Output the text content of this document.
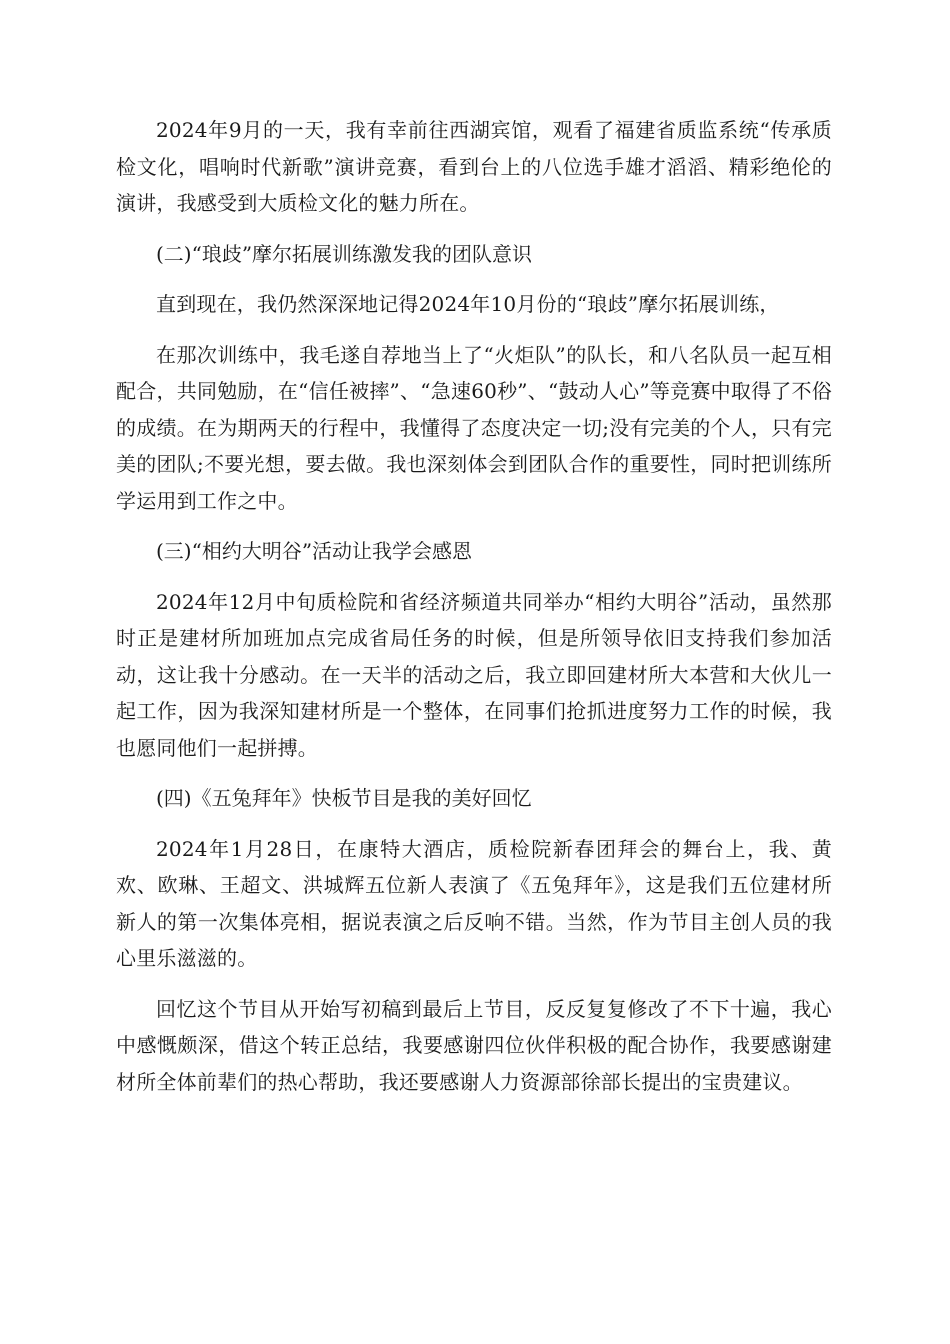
2024年9月的一天，我有幸前往西湖宾馆，观看了福建省质监系统“传承质检文化，唱响时代新歌”演讲竞赛，看到台上的八位选手雄才滔滔、精彩绝伦的演讲，我感受到大质检文化的魅力所在。

(二)“琅歧”摩尔拓展训练激发我的团队意识

直到现在，我仍然深深地记得2024年10月份的“琅歧”摩尔拓展训练，

在那次训练中，我毛遂自荐地当上了“火炬队”的队长，和八名队员一起互相配合，共同勉励，在“信任被摔”、“急速60秒”、“鼓动人心”等竞赛中取得了不俗的成绩。在为期两天的行程中，我懂得了态度决定一切;没有完美的个人，只有完美的团队;不要光想，要去做。我也深刻体会到团队合作的重要性，同时把训练所学运用到工作之中。

(三)“相约大明谷”活动让我学会感恩

2024年12月中旬质检院和省经济频道共同举办“相约大明谷”活动，虽然那时正是建材所加班加点完成省局任务的时候，但是所领导依旧支持我们参加活动，这让我十分感动。在一天半的活动之后，我立即回建材所大本营和大伙儿一起工作，因为我深知建材所是一个整体，在同事们抢抓进度努力工作的时候，我也愿同他们一起拼搏。

(四)《五兔拜年》快板节目是我的美好回忆

2024年1月28日，在康特大酒店，质检院新春团拜会的舞台上，我、黄欢、欧琳、王超文、洪城辉五位新人表演了《五兔拜年》，这是我们五位建材所新人的第一次集体亮相，据说表演之后反响不错。当然，作为节目主创人员的我心里乐滋滋的。

回忆这个节目从开始写初稿到最后上节目，反反复复修改了不下十遍，我心中感慨颇深，借这个转正总结，我要感谢四位伙伴积极的配合协作，我要感谢建材所全体前辈们的热心帮助，我还要感谢人力资源部徐部长提出的宝贵建议。
